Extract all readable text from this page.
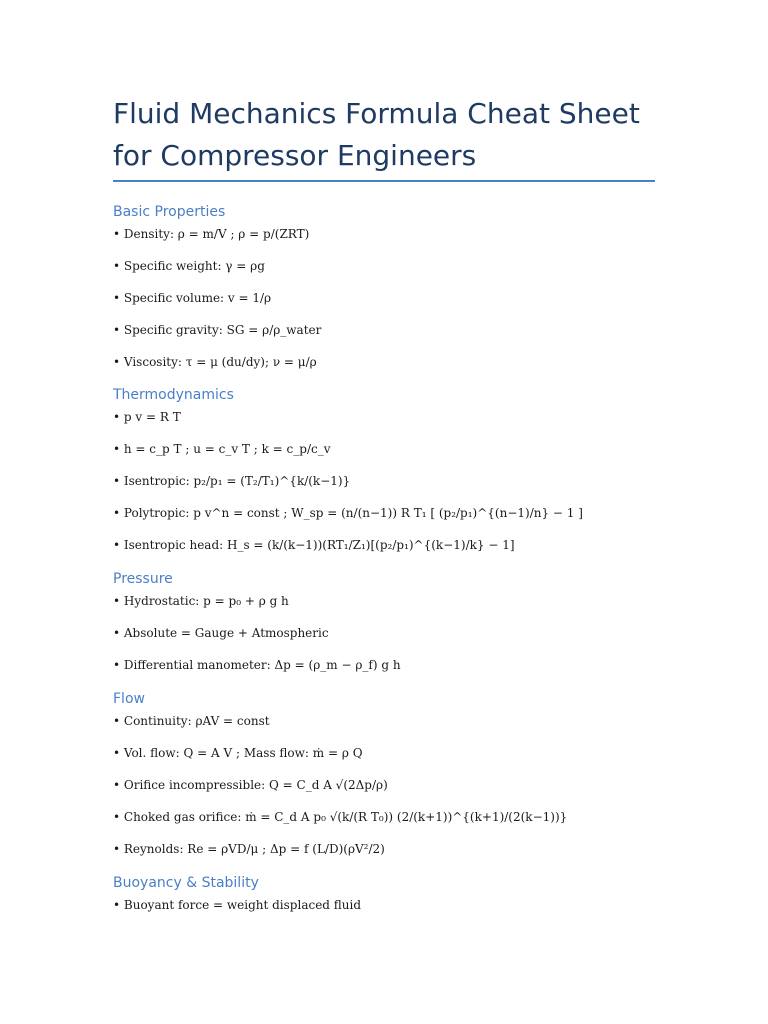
Fluid Mechanics Formula Cheat Sheet
for Compressor Engineers
Basic Properties

• Density: ρ = m/V ; ρ = p/(ZRT)

• Specific weight: γ = ρg

• Specific volume: v = 1/ρ

• Specific gravity: SG = ρ/ρ_water

• Viscosity: τ = μ (du/dy); ν = μ/ρ

Thermodynamics

• p v = R T

• h = c_p T ; u = c_v T ; k = c_p/c_v

• Isentropic: p₂/p₁ = (T₂/T₁)^{k/(k−1)}

• Polytropic: p v^n = const ; W_sp = (n/(n−1)) R T₁ [ (p₂/p₁)^{(n−1)/n} − 1 ]

• Isentropic head: H_s = (k/(k−1))(RT₁/Z₁)[(p₂/p₁)^{(k−1)/k} − 1]

Pressure

• Hydrostatic: p = p₀ + ρ g h

• Absolute = Gauge + Atmospheric

• Differential manometer: Δp = (ρ_m − ρ_f) g h

Flow

• Continuity: ρAV = const

• Vol. flow: Q = A V ; Mass flow: ṁ = ρ Q

• Orifice incompressible: Q = C_d A √(2Δp/ρ)

• Choked gas orifice: ṁ = C_d A p₀ √(k/(R T₀)) (2/(k+1))^{(k+1)/(2(k−1))}

• Reynolds: Re = ρVD/μ ; Δp = f (L/D)(ρV²/2)

Buoyancy & Stability

• Buoyant force = weight displaced fluid
